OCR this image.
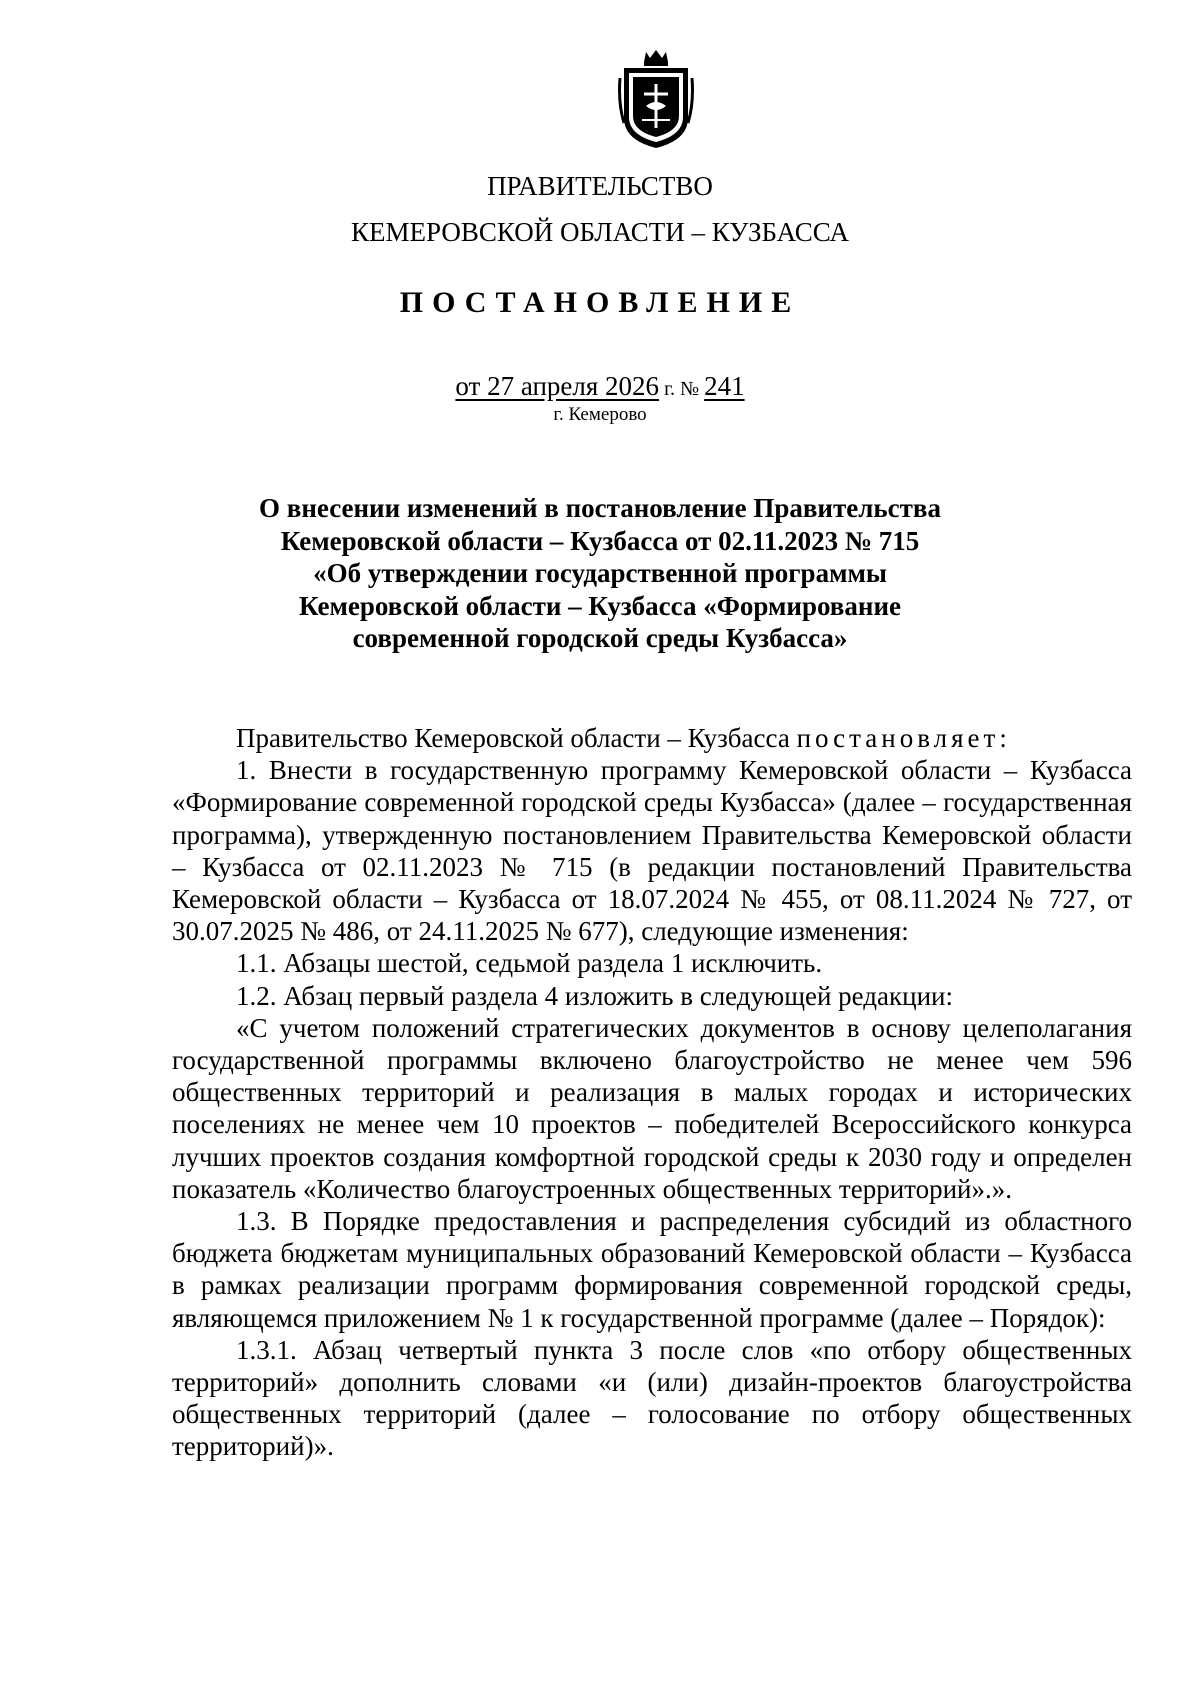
ПРАВИТЕЛЬСТВО
КЕМЕРОВСКОЙ ОБЛАСТИ – КУЗБАССА
ПОСТАНОВЛЕНИЕ
от 27 апреля 2026 г. № 241
г. Кемерово
О внесении изменений в постановление Правительства
Кемеровской области – Кузбасса от 02.11.2023 № 715
«Об утверждении государственной программы
Кемеровской области – Кузбасса «Формирование
современной городской среды Кузбасса»

Правительство Кемеровской области – Кузбасса постановляет:

1. Внести в государственную программу Кемеровской области – Кузбасса «Формирование современной городской среды Кузбасса» (далее – государственная программа), утвержденную постановлением Правительства Кемеровской области – Кузбасса от 02.11.2023 № 715 (в редакции постановлений Правительства Кемеровской области – Кузбасса от 18.07.2024 № 455, от 08.11.2024 № 727, от 30.07.2025 № 486, от 24.11.2025 № 677), следующие изменения:

1.1. Абзацы шестой, седьмой раздела 1 исключить.

1.2. Абзац первый раздела 4 изложить в следующей редакции:

«С учетом положений стратегических документов в основу целеполагания государственной программы включено благоустройство не менее чем 596 общественных территорий и реализация в малых городах и исторических поселениях не менее чем 10 проектов – победителей Всероссийского конкурса лучших проектов создания комфортной городской среды к 2030 году и определен показатель «Количество благоустроенных общественных территорий».».

1.3. В Порядке предоставления и распределения субсидий из областного бюджета бюджетам муниципальных образований Кемеровской области – Кузбасса в рамках реализации программ формирования современной городской среды, являющемся приложением № 1 к государственной программе (далее – Порядок):

1.3.1. Абзац четвертый пункта 3 после слов «по отбору общественных территорий» дополнить словами «и (или) дизайн-проектов благоустройства общественных территорий (далее – голосование по отбору общественных территорий)».
